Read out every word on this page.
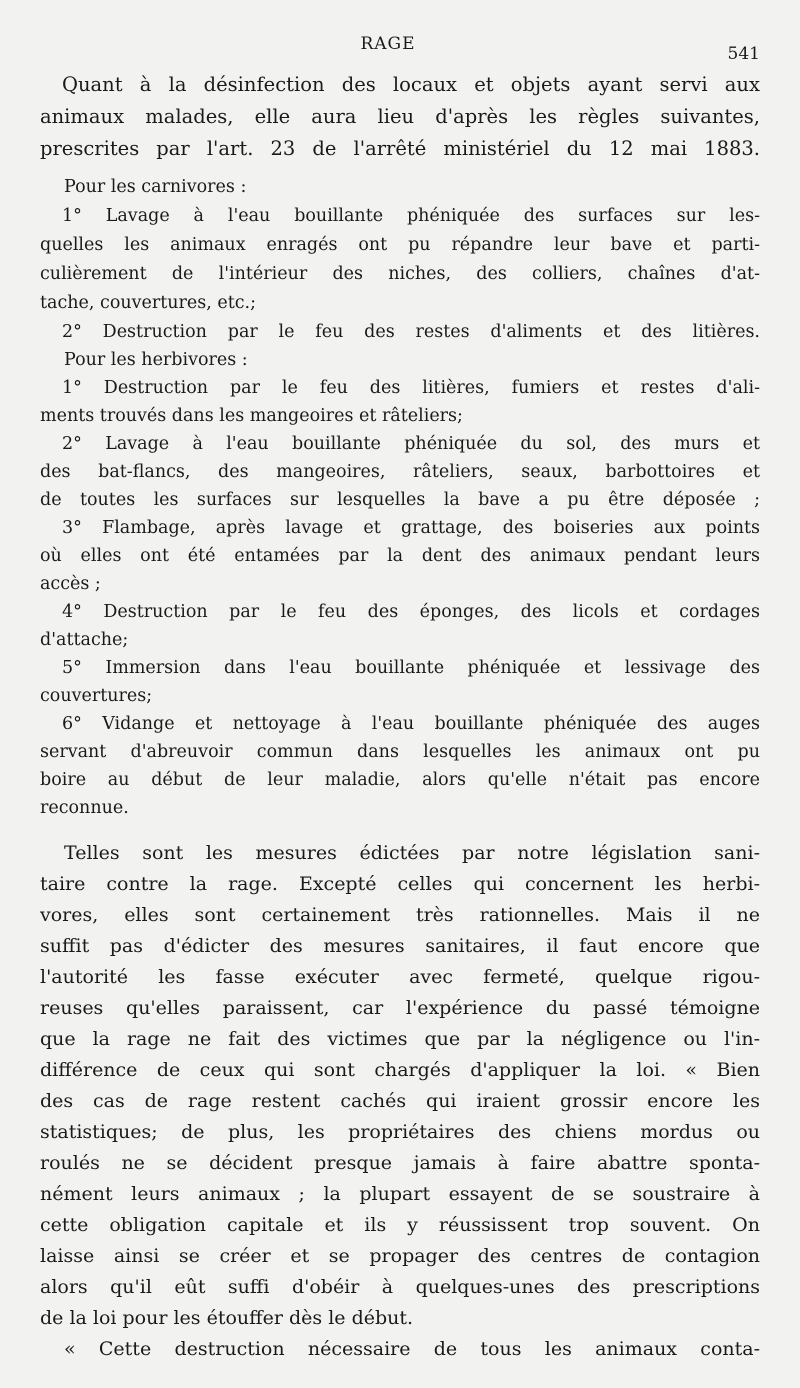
RAGE	541
Quant à la désinfection des locaux et objets ayant servi aux
animaux malades, elle aura lieu d'après les règles suivantes,
prescrites par l'art. 23 de l'arrêté ministériel du 12 mai 1883.
Pour les carnivores :
1° Lavage à l'eau bouillante phéniquée des surfaces sur les-
quelles les animaux enragés ont pu répandre leur bave et parti-
culièrement de l'intérieur des niches, des colliers, chaînes d'at-
tache, couvertures, etc.;
2° Destruction par le feu des restes d'aliments et des litières.
Pour les herbivores :
1° Destruction par le feu des litières, fumiers et restes d'ali-
ments trouvés dans les mangeoires et râteliers;
2° Lavage à l'eau bouillante phéniquée du sol, des murs et
des bat-flancs, des mangeoires, râteliers, seaux, barbottoires et
de toutes les surfaces sur lesquelles la bave a pu être déposée ;
3° Flambage, après lavage et grattage, des boiseries aux points
où elles ont été entamées par la dent des animaux pendant leurs
accès ;
4° Destruction par le feu des éponges, des licols et cordages
d'attache;
5° Immersion dans l'eau bouillante phéniquée et lessivage des
couvertures;
6° Vidange et nettoyage à l'eau bouillante phéniquée des auges
servant d'abreuvoir commun dans lesquelles les animaux ont pu
boire au début de leur maladie, alors qu'elle n'était pas encore
reconnue.
Telles sont les mesures édictées par notre législation sani-
taire contre la rage. Excepté celles qui concernent les herbi-
vores, elles sont certainement très rationnelles. Mais il ne
suffit pas d'édicter des mesures sanitaires, il faut encore que
l'autorité les fasse exécuter avec fermeté, quelque rigou-
reuses qu'elles paraissent, car l'expérience du passé témoigne
que la rage ne fait des victimes que par la négligence ou l'in-
différence de ceux qui sont chargés d'appliquer la loi. « Bien
des cas de rage restent cachés qui iraient grossir encore les
statistiques; de plus, les propriétaires des chiens mordus ou
roulés ne se décident presque jamais à faire abattre sponta-
nément leurs animaux ; la plupart essayent de se soustraire à
cette obligation capitale et ils y réussissent trop souvent. On
laisse ainsi se créer et se propager des centres de contagion
alors qu'il eût suffi d'obéir à quelques-unes des prescriptions
de la loi pour les étouffer dès le début.
« Cette destruction nécessaire de tous les animaux conta-
